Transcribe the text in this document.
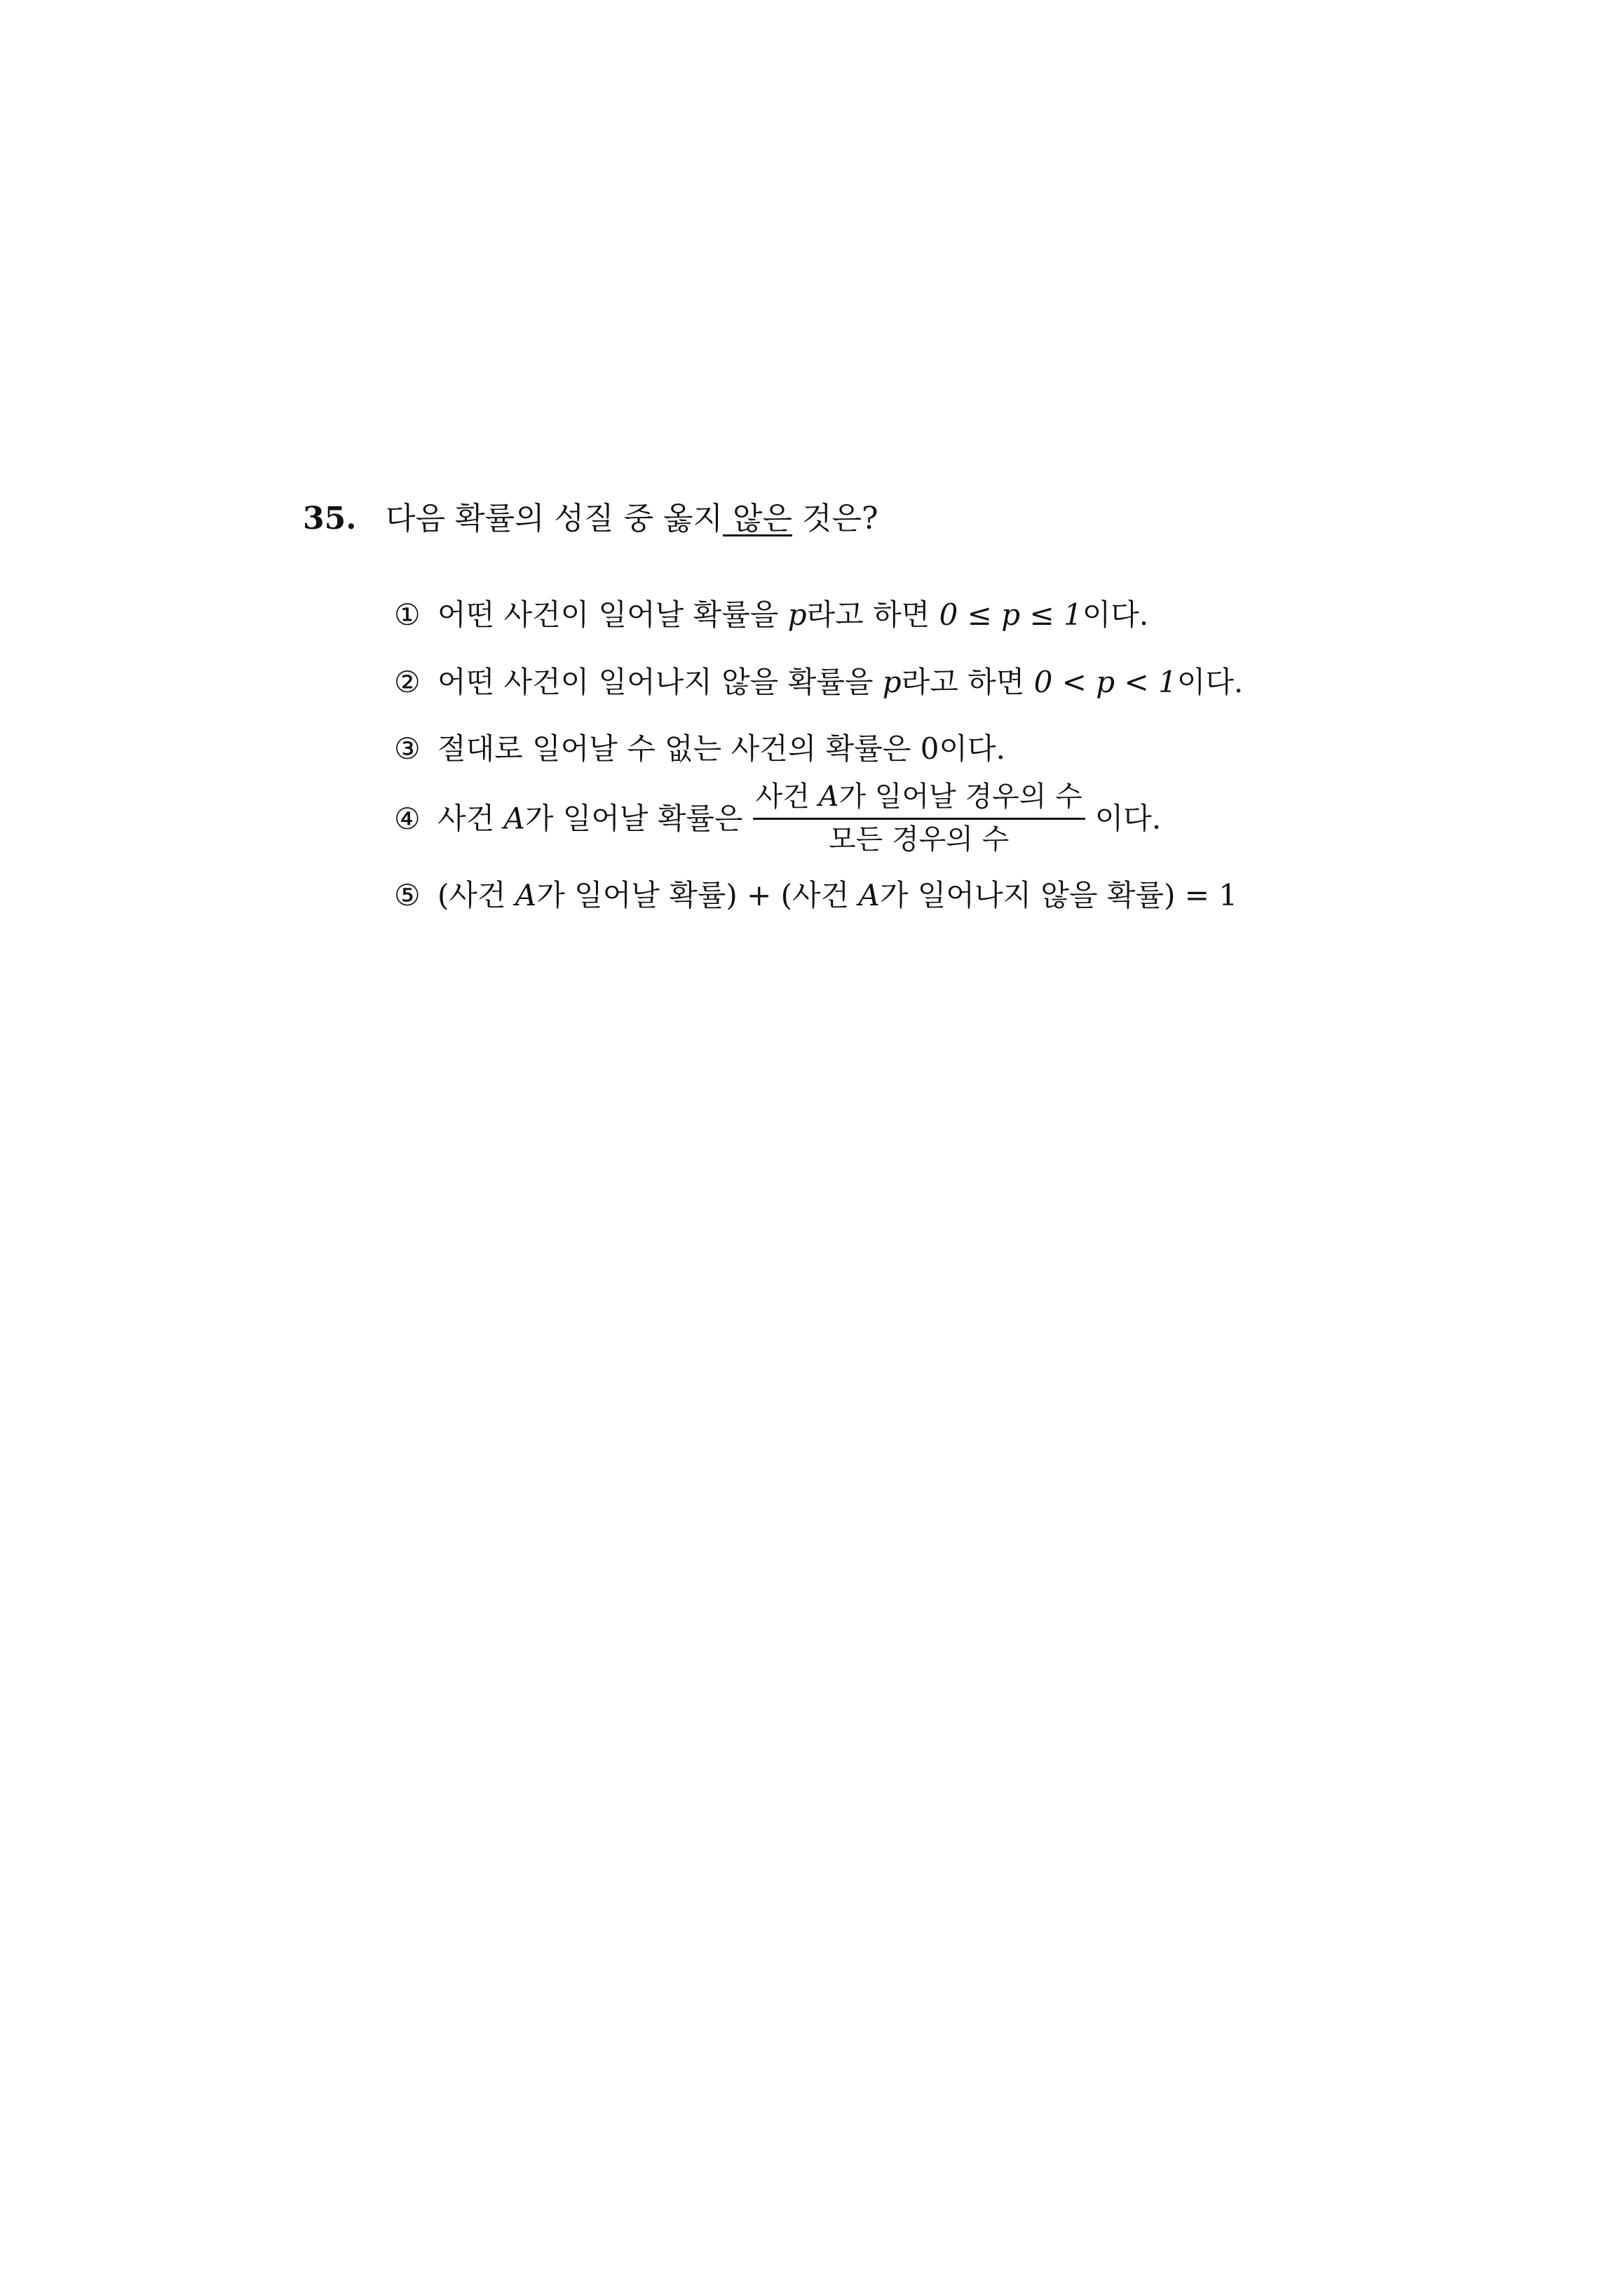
35. 다음 확률의 성질 중 옳지 않은 것은?
① 어떤 사건이 일어날 확률을 p라고 하면 0 ≤ p ≤ 1이다.
② 어떤 사건이 일어나지 않을 확률을 p라고 하면 0 < p < 1이다.
③ 절대로 일어날 수 없는 사건의 확률은 0이다.
④ 사건 A가 일어날 확률은 $\frac{\text{사건 A가 일어날 경우의 수}}{\text{모든 경우의 수}}$ 이다.
⑤ (사건 A가 일어날 확률) + (사건 A가 일어나지 않을 확률) = 1
